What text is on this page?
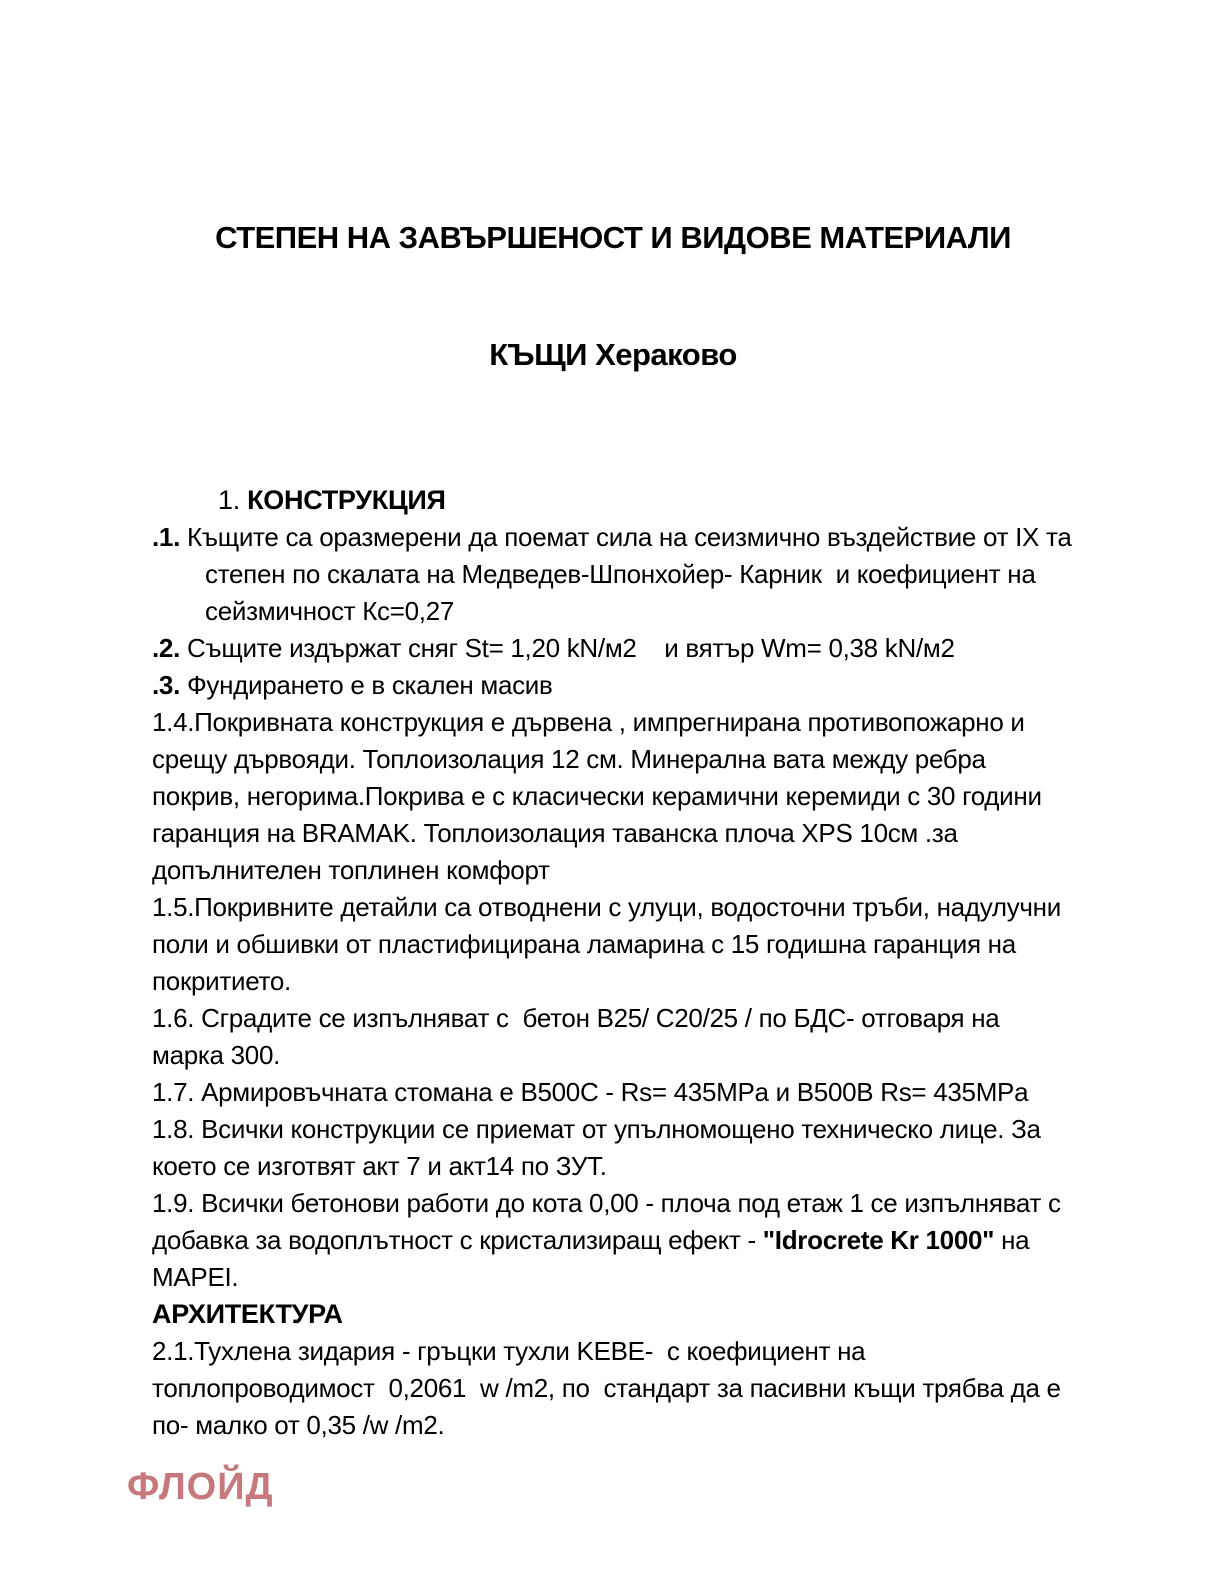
СТЕПЕН НА ЗАВЪРШЕНОСТ И ВИДОВЕ МАТЕРИАЛИ

КЪЩИ Хераково

1. КОНСТРУКЦИЯ
.1. Къщите са оразмерени да поемат сила на сеизмично въздействие от IX та степен по скалата на Медведев-Шпонхойер- Карник  и коефициент на сейзмичност Кс=0,27
.2. Същите издържат сняг St= 1,20 kN/м2    и вятър Wm= 0,38 kN/м2
.3. Фундирането е в скален масив
1.4.Покривната конструкция е дървена , импрегнирана противопожарно и срещу дървояди. Топлоизолация 12 см. Минерална вата между ребра покрив, негорима.Покрива е с класически керамични керемиди с 30 години гаранция на BRAMAK. Топлоизолация таванска плоча XPS 10см .за допълнителен топлинен комфорт
1.5.Покривните детайли са отводнени с улуци, водосточни тръби, надулучни поли и обшивки от пластифицирана ламарина с 15 годишна гаранция на покритието.
1.6. Сградите се изпълняват с  бетон B25/ C20/25 / по БДС- отговаря на марка 300.
1.7. Армировъчната стомана е B500C - Rs= 435MPa и B500B Rs= 435MPa
1.8. Всички конструкции се приемат от упълномощено техническо лице. За което се изготвят акт 7 и акт14 по ЗУТ.
1.9. Всички бетонови работи до кота 0,00 - плоча под етаж 1 се изпълняват с добавка за водоплътност с кристализиращ ефект - "Idrocrete Kr 1000" на MAPEI.
АРХИТЕКТУРА
2.1.Тухлена зидария - гръцки тухли KEBE-  с коефициент на топлопроводимост  0,2061  w /m2, по  стандарт за пасивни къщи трябва да е по- малко от 0,35 /w /m2.
ФЛОЙД
